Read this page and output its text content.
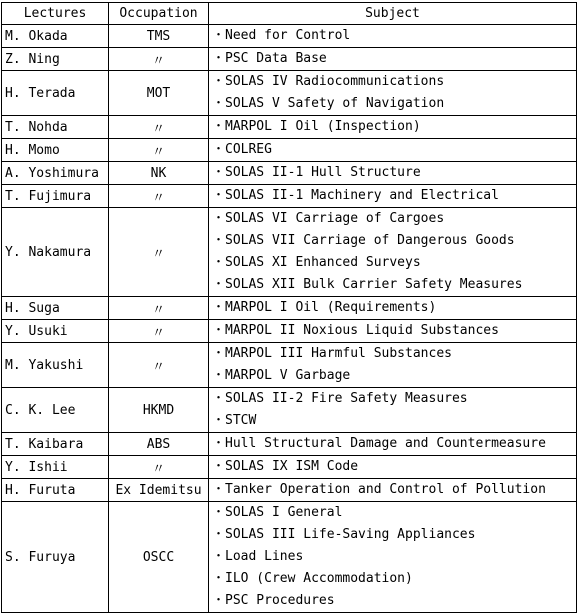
Lectures	Occupation	Subject
M. Okada	TMS	・Need for Control

Z. Ning	〃	・PSC Data Base

H. Terada	MOT	・SOLAS IV Radiocommunications
・SOLAS V Safety of Navigation

T. Nohda	〃	・MARPOL I Oil (Inspection)

H. Momo	〃	・COLREG

A. Yoshimura	NK	・SOLAS II-1 Hull Structure

T. Fujimura	〃	・SOLAS II-1 Machinery and Electrical

Y. Nakamura	〃	・SOLAS VI Carriage of Cargoes
・SOLAS VII Carriage of Dangerous Goods
・SOLAS XI Enhanced Surveys
・SOLAS XII Bulk Carrier Safety Measures

H. Suga	〃	・MARPOL I Oil (Requirements)

Y. Usuki	〃	・MARPOL II Noxious Liquid Substances

M. Yakushi	〃	・MARPOL III Harmful Substances
・MARPOL V Garbage

C. K. Lee	HKMD	・SOLAS II-2 Fire Safety Measures
・STCW

T. Kaibara	ABS	・Hull Structural Damage and Countermeasure

Y. Ishii	〃	・SOLAS IX ISM Code

H. Furuta	Ex Idemitsu	・Tanker Operation and Control of Pollution

S. Furuya	OSCC	・SOLAS I General
・SOLAS III Life-Saving Appliances
・Load Lines
・ILO (Crew Accommodation)
・PSC Procedures
